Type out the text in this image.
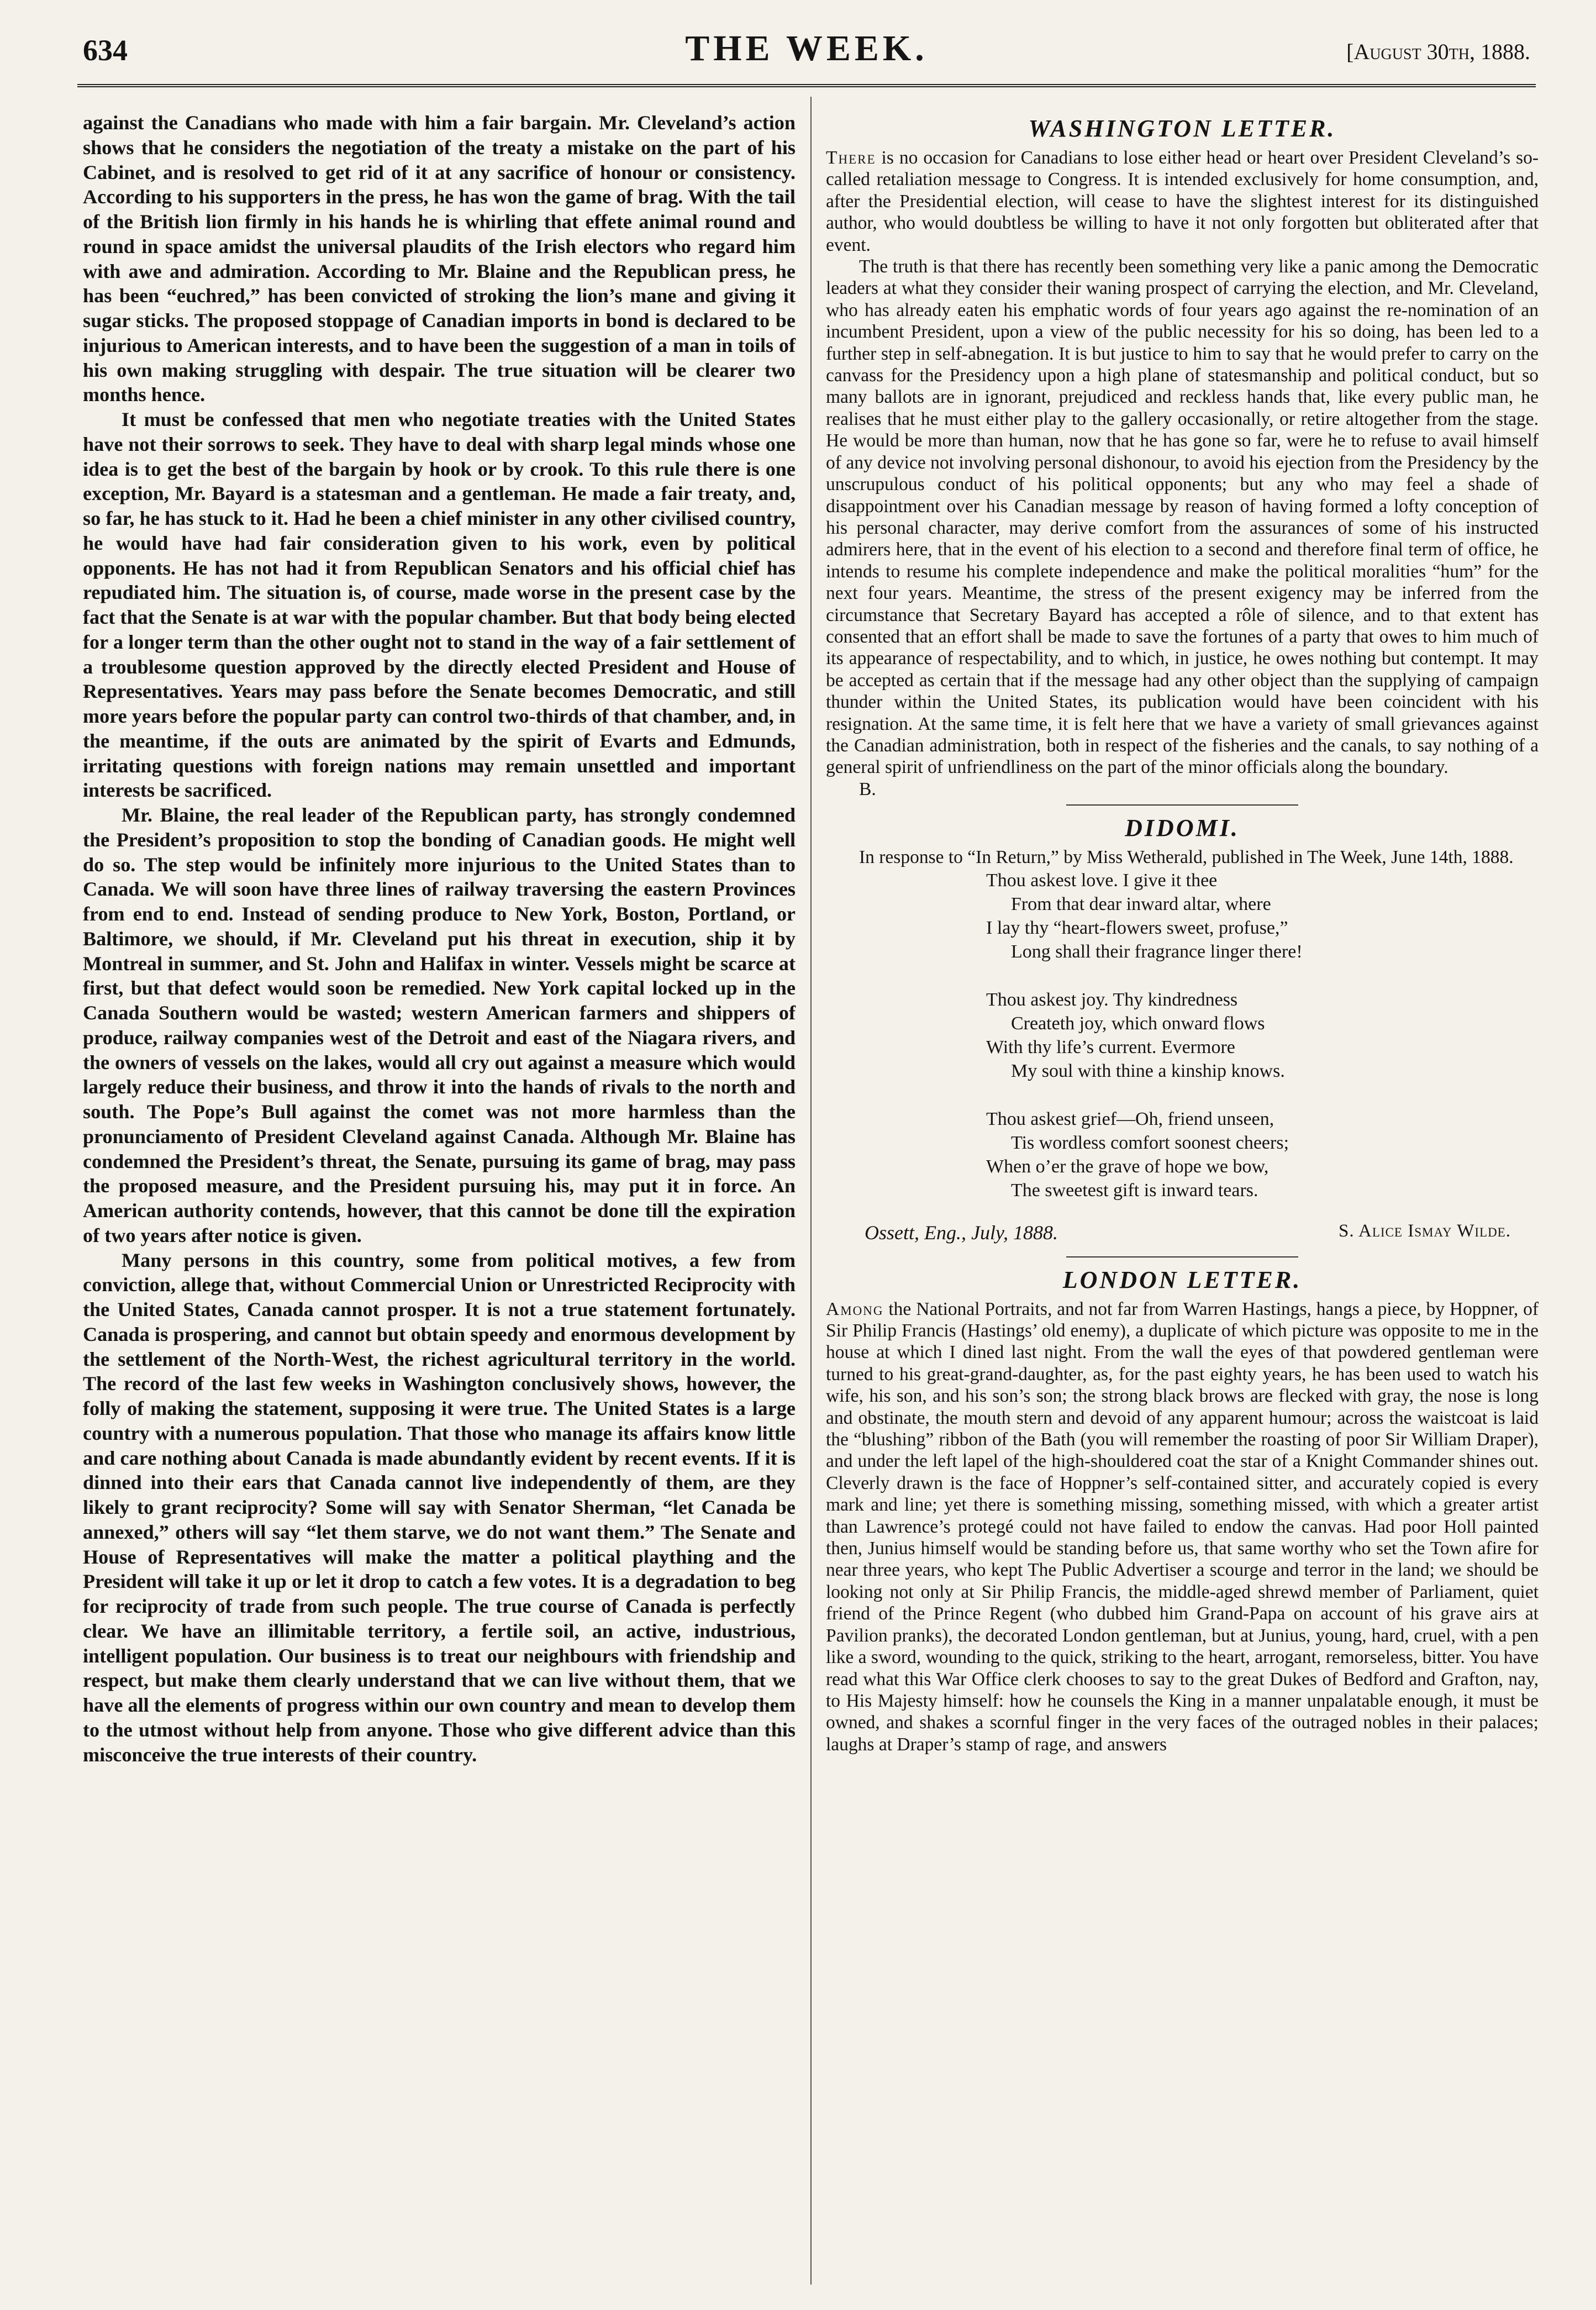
634	THE WEEK.	[August 30th, 1888.

against the Canadians who made with him a fair bargain. Mr. Cleveland’s action shows that he considers the negotiation of the treaty a mistake on the part of his Cabinet, and is resolved to get rid of it at any sacrifice of honour or consistency. According to his supporters in the press, he has won the game of brag. With the tail of the British lion firmly in his hands he is whirling that effete animal round and round in space amidst the universal plaudits of the Irish electors who regard him with awe and admiration. According to Mr. Blaine and the Republican press, he has been “euchred,” has been convicted of stroking the lion’s mane and giving it sugar sticks. The proposed stoppage of Canadian imports in bond is declared to be injurious to American interests, and to have been the suggestion of a man in toils of his own making struggling with despair. The true situation will be clearer two months hence.

It must be confessed that men who negotiate treaties with the United States have not their sorrows to seek. They have to deal with sharp legal minds whose one idea is to get the best of the bargain by hook or by crook. To this rule there is one exception, Mr. Bayard is a statesman and a gentleman. He made a fair treaty, and, so far, he has stuck to it. Had he been a chief minister in any other civilised country, he would have had fair consideration given to his work, even by political opponents. He has not had it from Republican Senators and his official chief has repudiated him. The situation is, of course, made worse in the present case by the fact that the Senate is at war with the popular chamber. But that body being elected for a longer term than the other ought not to stand in the way of a fair settlement of a troublesome question approved by the directly elected President and House of Representatives. Years may pass before the Senate becomes Democratic, and still more years before the popular party can control two-thirds of that chamber, and, in the meantime, if the outs are animated by the spirit of Evarts and Edmunds, irritating questions with foreign nations may remain unsettled and important interests be sacrificed.

Mr. Blaine, the real leader of the Republican party, has strongly condemned the President’s proposition to stop the bonding of Canadian goods. He might well do so. The step would be infinitely more injurious to the United States than to Canada. We will soon have three lines of railway traversing the eastern Provinces from end to end. Instead of sending produce to New York, Boston, Portland, or Baltimore, we should, if Mr. Cleveland put his threat in execution, ship it by Montreal in summer, and St. John and Halifax in winter. Vessels might be scarce at first, but that defect would soon be remedied. New York capital locked up in the Canada Southern would be wasted; western American farmers and shippers of produce, railway companies west of the Detroit and east of the Niagara rivers, and the owners of vessels on the lakes, would all cry out against a measure which would largely reduce their business, and throw it into the hands of rivals to the north and south. The Pope’s Bull against the comet was not more harmless than the pronunciamento of President Cleveland against Canada. Although Mr. Blaine has condemned the President’s threat, the Senate, pursuing its game of brag, may pass the proposed measure, and the President pursuing his, may put it in force. An American authority contends, however, that this cannot be done till the expiration of two years after notice is given.

Many persons in this country, some from political motives, a few from conviction, allege that, without Commercial Union or Unrestricted Reciprocity with the United States, Canada cannot prosper. It is not a true statement fortunately. Canada is prospering, and cannot but obtain speedy and enormous development by the settlement of the North-West, the richest agricultural territory in the world. The record of the last few weeks in Washington conclusively shows, however, the folly of making the statement, supposing it were true. The United States is a large country with a numerous population. That those who manage its affairs know little and care nothing about Canada is made abundantly evident by recent events. If it is dinned into their ears that Canada cannot live independently of them, are they likely to grant reciprocity? Some will say with Senator Sherman, “let Canada be annexed,” others will say “let them starve, we do not want them.” The Senate and House of Representatives will make the matter a political plaything and the President will take it up or let it drop to catch a few votes. It is a degradation to beg for reciprocity of trade from such people. The true course of Canada is perfectly clear. We have an illimitable territory, a fertile soil, an active, industrious, intelligent population. Our business is to treat our neighbours with friendship and respect, but make them clearly understand that we can live without them, that we have all the elements of progress within our own country and mean to develop them to the utmost without help from anyone. Those who give different advice than this misconceive the true interests of their country.

WASHINGTON LETTER.

There is no occasion for Canadians to lose either head or heart over President Cleveland’s so-called retaliation message to Congress. It is intended exclusively for home consumption, and, after the Presidential election, will cease to have the slightest interest for its distinguished author, who would doubtless be willing to have it not only forgotten but obliterated after that event.

The truth is that there has recently been something very like a panic among the Democratic leaders at what they consider their waning prospect of carrying the election, and Mr. Cleveland, who has already eaten his emphatic words of four years ago against the re-nomination of an incumbent President, upon a view of the public necessity for his so doing, has been led to a further step in self-abnegation. It is but justice to him to say that he would prefer to carry on the canvass for the Presidency upon a high plane of statesmanship and political conduct, but so many ballots are in ignorant, prejudiced and reckless hands that, like every public man, he realises that he must either play to the gallery occasionally, or retire altogether from the stage. He would be more than human, now that he has gone so far, were he to refuse to avail himself of any device not involving personal dishonour, to avoid his ejection from the Presidency by the unscrupulous conduct of his political opponents; but any who may feel a shade of disappointment over his Canadian message by reason of having formed a lofty conception of his personal character, may derive comfort from the assurances of some of his instructed admirers here, that in the event of his election to a second and therefore final term of office, he intends to resume his complete independence and make the political moralities “hum” for the next four years. Meantime, the stress of the present exigency may be inferred from the circumstance that Secretary Bayard has accepted a rôle of silence, and to that extent has consented that an effort shall be made to save the fortunes of a party that owes to him much of its appearance of respectability, and to which, in justice, he owes nothing but contempt. It may be accepted as certain that if the message had any other object than the supplying of campaign thunder within the United States, its publication would have been coincident with his resignation. At the same time, it is felt here that we have a variety of small grievances against the Canadian administration, both in respect of the fisheries and the canals, to say nothing of a general spirit of unfriendliness on the part of the minor officials along the boundary.

B.

DIDOMI.

In response to “In Return,” by Miss Wetherald, published in The Week, June 14th, 1888.

Thou askest love. I give it thee
From that dear inward altar, where
I lay thy “heart-flowers sweet, profuse,”
Long shall their fragrance linger there!
Thou askest joy. Thy kindredness
Createth joy, which onward flows
With thy life’s current. Evermore
My soul with thine a kinship knows.
Thou askest grief—Oh, friend unseen,
Tis wordless comfort soonest cheers;
When o’er the grave of hope we bow,
The sweetest gift is inward tears.
Ossett, Eng., July, 1888.	S. Alice Ismay Wilde.
LONDON LETTER.

Among the National Portraits, and not far from Warren Hastings, hangs a piece, by Hoppner, of Sir Philip Francis (Hastings’ old enemy), a duplicate of which picture was opposite to me in the house at which I dined last night. From the wall the eyes of that powdered gentleman were turned to his great-grand-daughter, as, for the past eighty years, he has been used to watch his wife, his son, and his son’s son; the strong black brows are flecked with gray, the nose is long and obstinate, the mouth stern and devoid of any apparent humour; across the waistcoat is laid the “blushing” ribbon of the Bath (you will remember the roasting of poor Sir William Draper), and under the left lapel of the high-shouldered coat the star of a Knight Commander shines out. Cleverly drawn is the face of Hoppner’s self-contained sitter, and accurately copied is every mark and line; yet there is something missing, something missed, with which a greater artist than Lawrence’s protegé could not have failed to endow the canvas. Had poor Holl painted then, Junius himself would be standing before us, that same worthy who set the Town afire for near three years, who kept The Public Advertiser a scourge and terror in the land; we should be looking not only at Sir Philip Francis, the middle-aged shrewd member of Parliament, quiet friend of the Prince Regent (who dubbed him Grand-Papa on account of his grave airs at Pavilion pranks), the decorated London gentleman, but at Junius, young, hard, cruel, with a pen like a sword, wounding to the quick, striking to the heart, arrogant, remorseless, bitter. You have read what this War Office clerk chooses to say to the great Dukes of Bedford and Grafton, nay, to His Majesty himself: how he counsels the King in a manner unpalatable enough, it must be owned, and shakes a scornful finger in the very faces of the outraged nobles in their palaces; laughs at Draper’s stamp of rage, and answers
